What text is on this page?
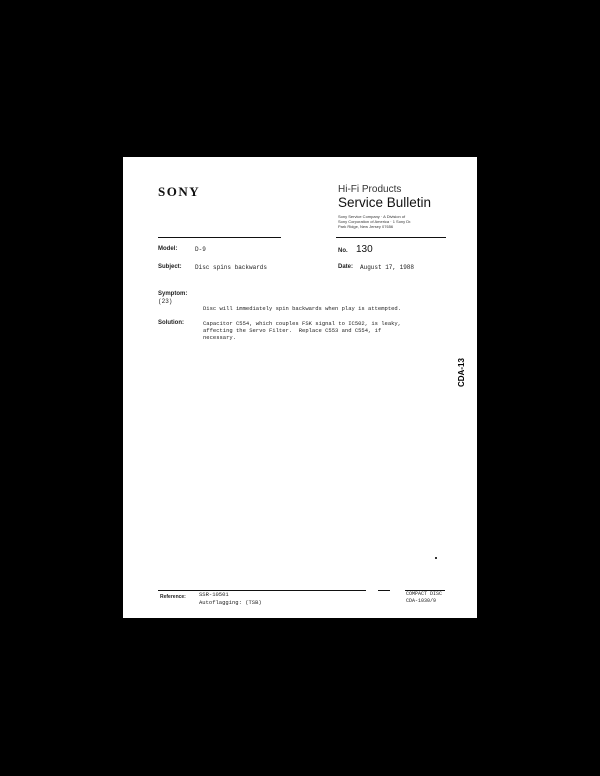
SONY	Hi-Fi Products
Service Bulletin
Sony Service Company · A Division of
Sony Corporation of America · 1 Sony Dr.
Park Ridge, New Jersey 07656
Model:	D-9	No. 130
Subject: Disc spins backwards	Date: August 17, 1988
Symptom:
(23)
Disc will immediately spin backwards when play is attempted.
Solution:	Capacitor C554, which couples FSK signal to IC502, is leaky,
affecting the Servo Filter.  Replace C553 and C554, if
necessary.
Reference: SSR-10501
Autoflagging: (TSB)
COMPACT DISC
CDA-1030/9
Portable Compact Disc
CDA-13
